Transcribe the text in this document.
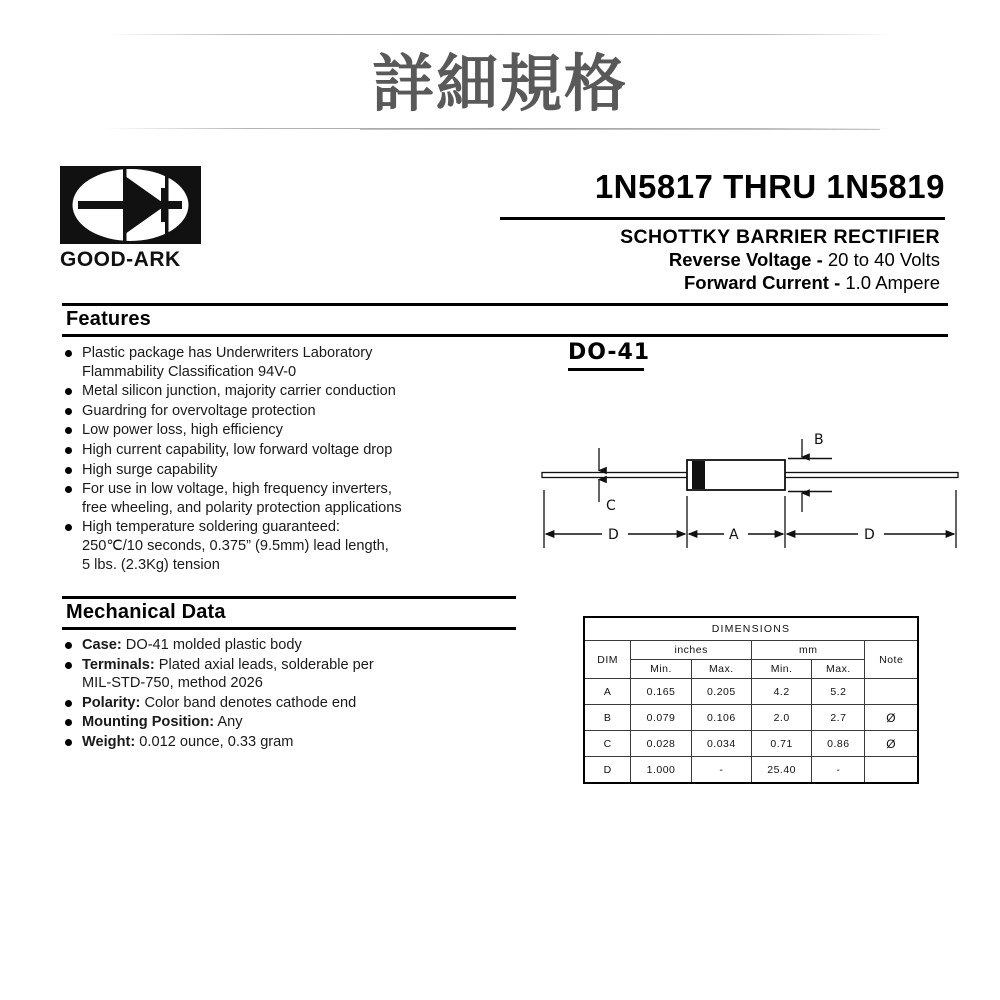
詳細規格
GOOD-ARK
1N5817 THRU 1N5819
SCHOTTKY BARRIER RECTIFIER
Reverse Voltage - 20 to 40 Volts
Forward Current - 1.0 Ampere
Features
Plastic package has Underwriters Laboratory
Flammability Classification 94V-0
Metal silicon junction, majority carrier conduction
Guardring for overvoltage protection
Low power loss, high efficiency
High current capability, low forward voltage drop
High surge capability
For use in low voltage, high frequency inverters,
free wheeling, and polarity protection applications
High temperature soldering guaranteed:
250℃/10 seconds, 0.375” (9.5mm) lead length,
5 lbs. (2.3Kg) tension
Mechanical Data
Case: DO-41 molded plastic body
Terminals: Plated axial leads, solderable per
MIL-STD-750, method 2026
Polarity: Color band denotes cathode end
Mounting Position: Any
Weight: 0.012 ounce, 0.33 gram
DO-41
C
B
D	A	D
DIMENSIONS					
DIM	inches		mm		Note
	Min.	Max.	Min.	Max.	
A	0.165	0.205	4.2	5.2	
B	0.079	0.106	2.0	2.7	Ø
C	0.028	0.034	0.71	0.86	Ø
D	1.000	-	25.40	-	
